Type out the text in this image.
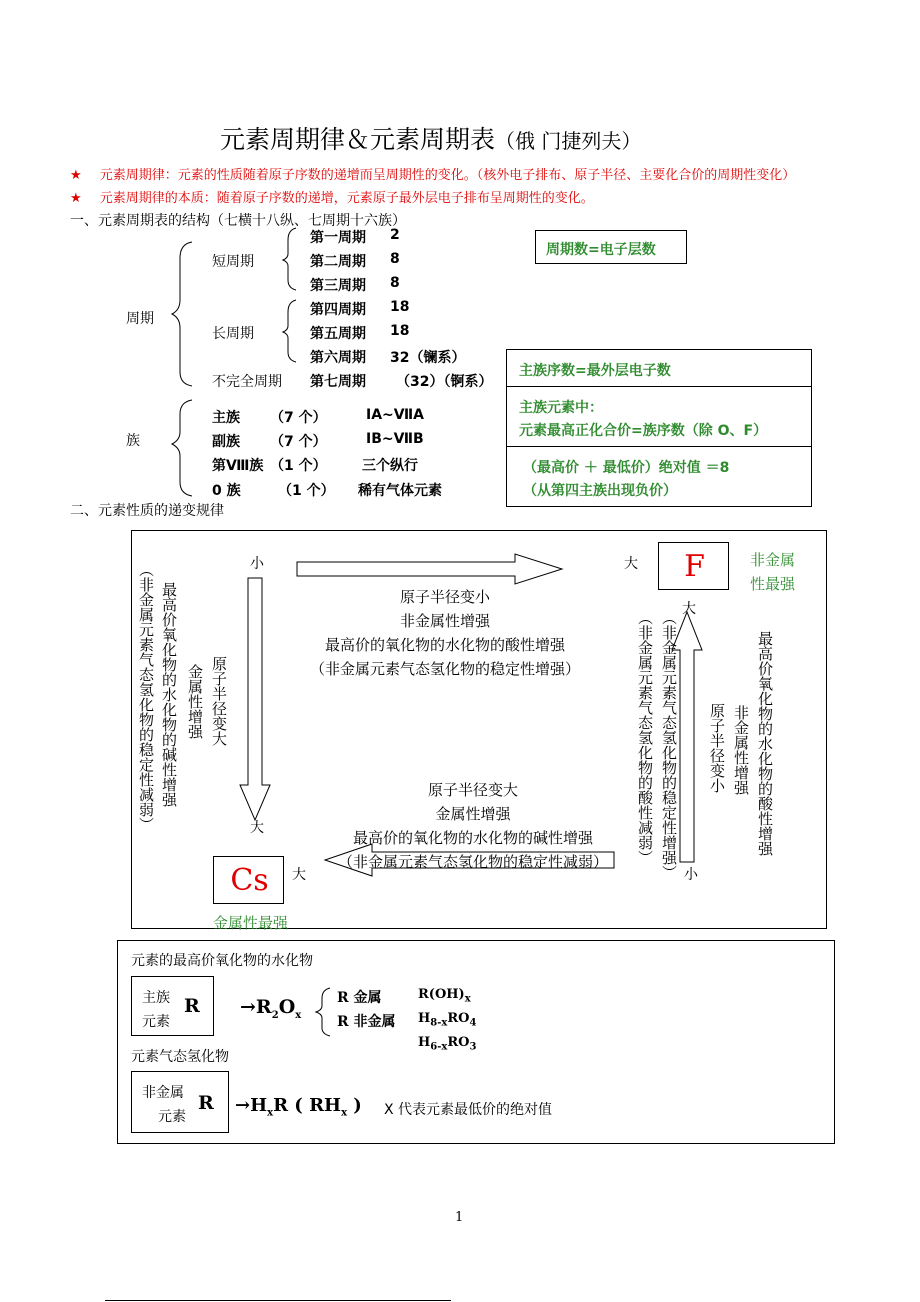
元素周期律＆元素周期表（俄 门捷列夫）
★ 元素周期律：元素的性质随着原子序数的递增而呈周期性的变化。（核外电子排布、原子半径、主要化合价的周期性变化）
★ 元素周期律的本质：随着原子序数的递增，元素原子最外层电子排布呈周期性的变化。
一、元素周期表的结构（七横十八纵、七周期十六族）
周期
短周期
长周期
不完全周期
第一周期 2
第二周期 8
第三周期 8
第四周期 18
第五周期 18
第六周期 32（镧系）
第七周期 （32）（锕系）
族
主族 （7 个）	ⅠA~ⅦA
副族 （7 个）	ⅠB~ⅦB
第Ⅷ族 （1 个）	三个纵行
0 族	（1 个） 稀有气体元素
周期数=电子层数
主族序数=最外层电子数
主族元素中：
元素最高正化合价=族序数（除 O、F）
（最高价 ＋ 最低价）绝对值 ＝8
（从第四主族出现负价）
二、元素性质的递变规律
小	大
大
大	小
大
F	非金属
性最强
Cs
金属性最强
原子半径变小
非金属性增强
最高价的氧化物的水化物的酸性增强
（非金属元素气态氢化物的稳定性增强）
原子半径变大
金属性增强
最高价的氧化物的水化物的碱性增强
（非金属元素气态氢化物的稳定性减弱）
（非金属元素气态氢化物的稳定性减弱） 最高价氧化物的水化物的碱性增强 金属性增强 原子半径变大	（非金属元素气态氢化物的酸性减弱） （非金属元素气态氢化物的稳定性增强） 原子半径变小 非金属性增强 最高价氧化物的水化物的酸性增强
元素的最高价氧化物的水化物
主族
元素
$R \to R_2O_x$
R 金属
R 非金属
$R(OH)_x$
$H_{8-x}RO_4$
$H_{6-x}RO_3$
元素气态氢化物
非金属
元素
$R \to H_xR$ ( $RH_x$ ) X 代表元素最低价的绝对值
1
